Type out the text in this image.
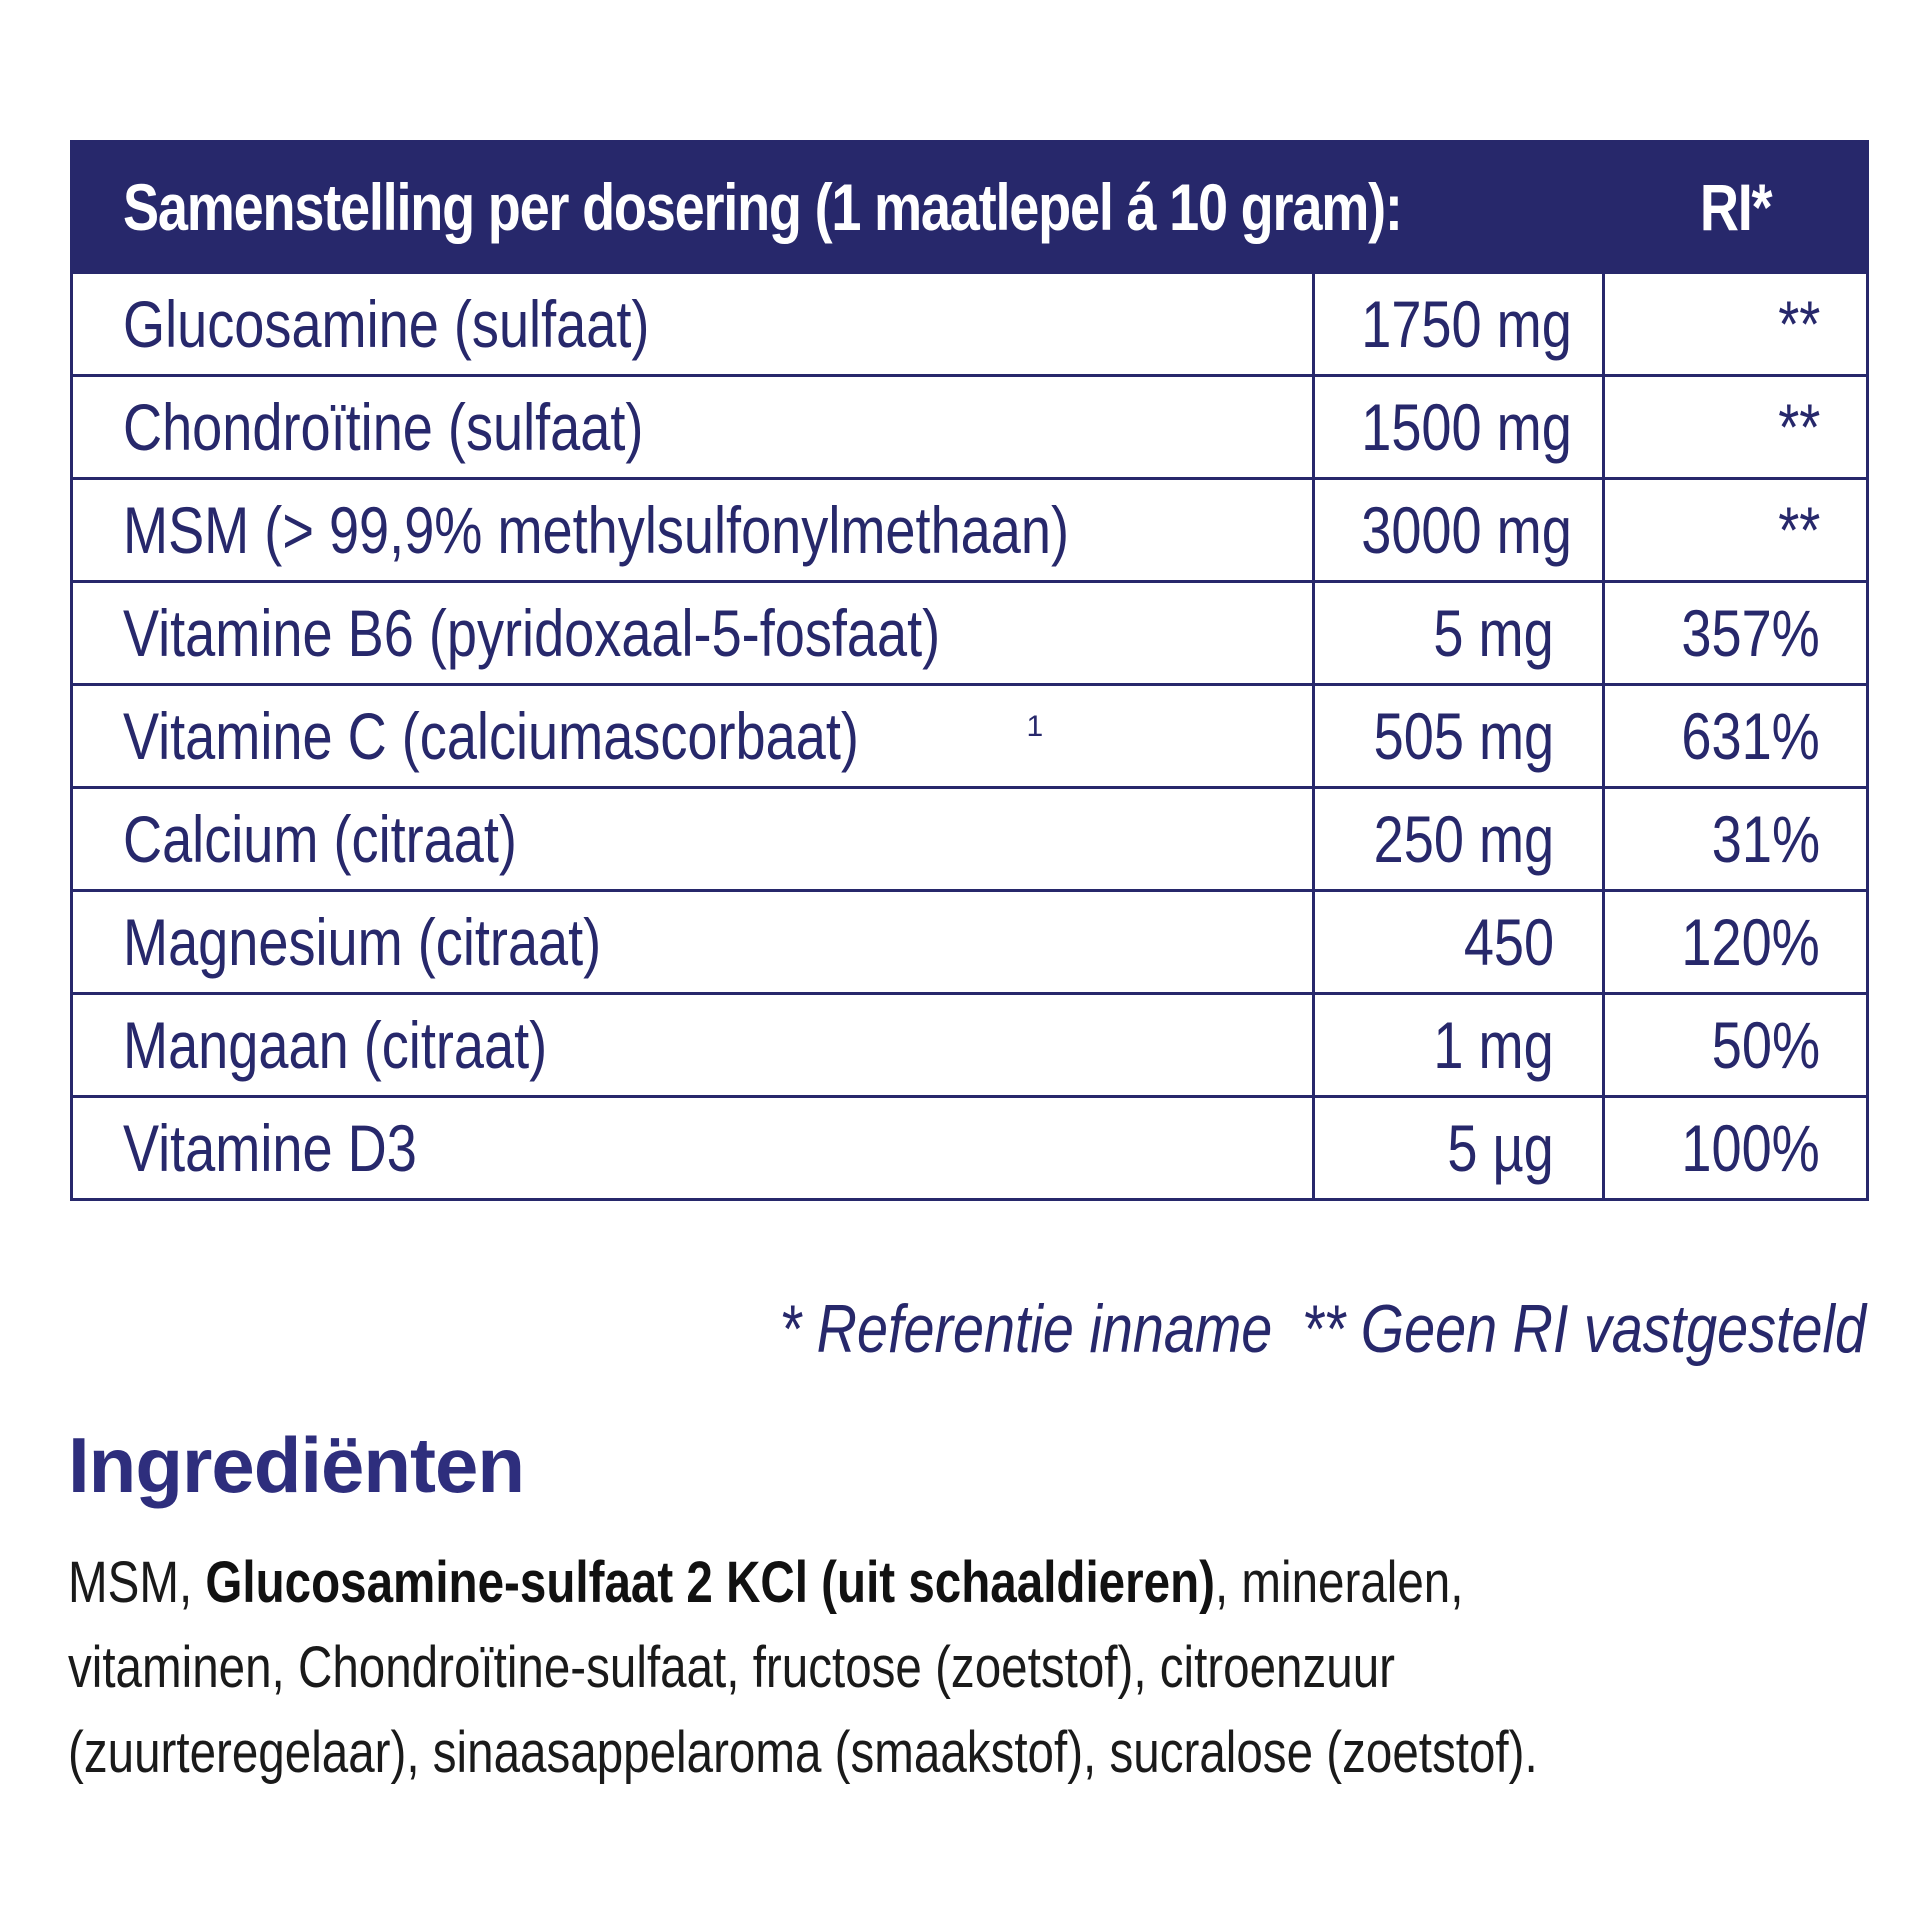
Samenstelling per dosering (1 maatlepel á 10 gram):		RI*
Glucosamine (sulfaat)	1750 mg	**
Chondroïtine (sulfaat)	1500 mg	**
MSM (> 99,9% methylsulfonylmethaan)	3000 mg	**
Vitamine B6 (pyridoxaal-5-fosfaat)	5 mg	357%
Vitamine C (calciumascorbaat) $^1$	505 mg	631%
Calcium (citraat)	250 mg	31%
Magnesium (citraat)	450	120%
Mangaan (citraat)	1 mg	50%
Vitamine D3	5 µg	100%
* Referentie inname ** Geen RI vastgesteld
Ingrediënten
MSM, Glucosamine-sulfaat 2 KCl (uit schaaldieren), mineralen,
vitaminen, Chondroïtine-sulfaat, fructose (zoetstof), citroenzuur
(zuurteregelaar), sinaasappelaroma (smaakstof), sucralose (zoetstof).
